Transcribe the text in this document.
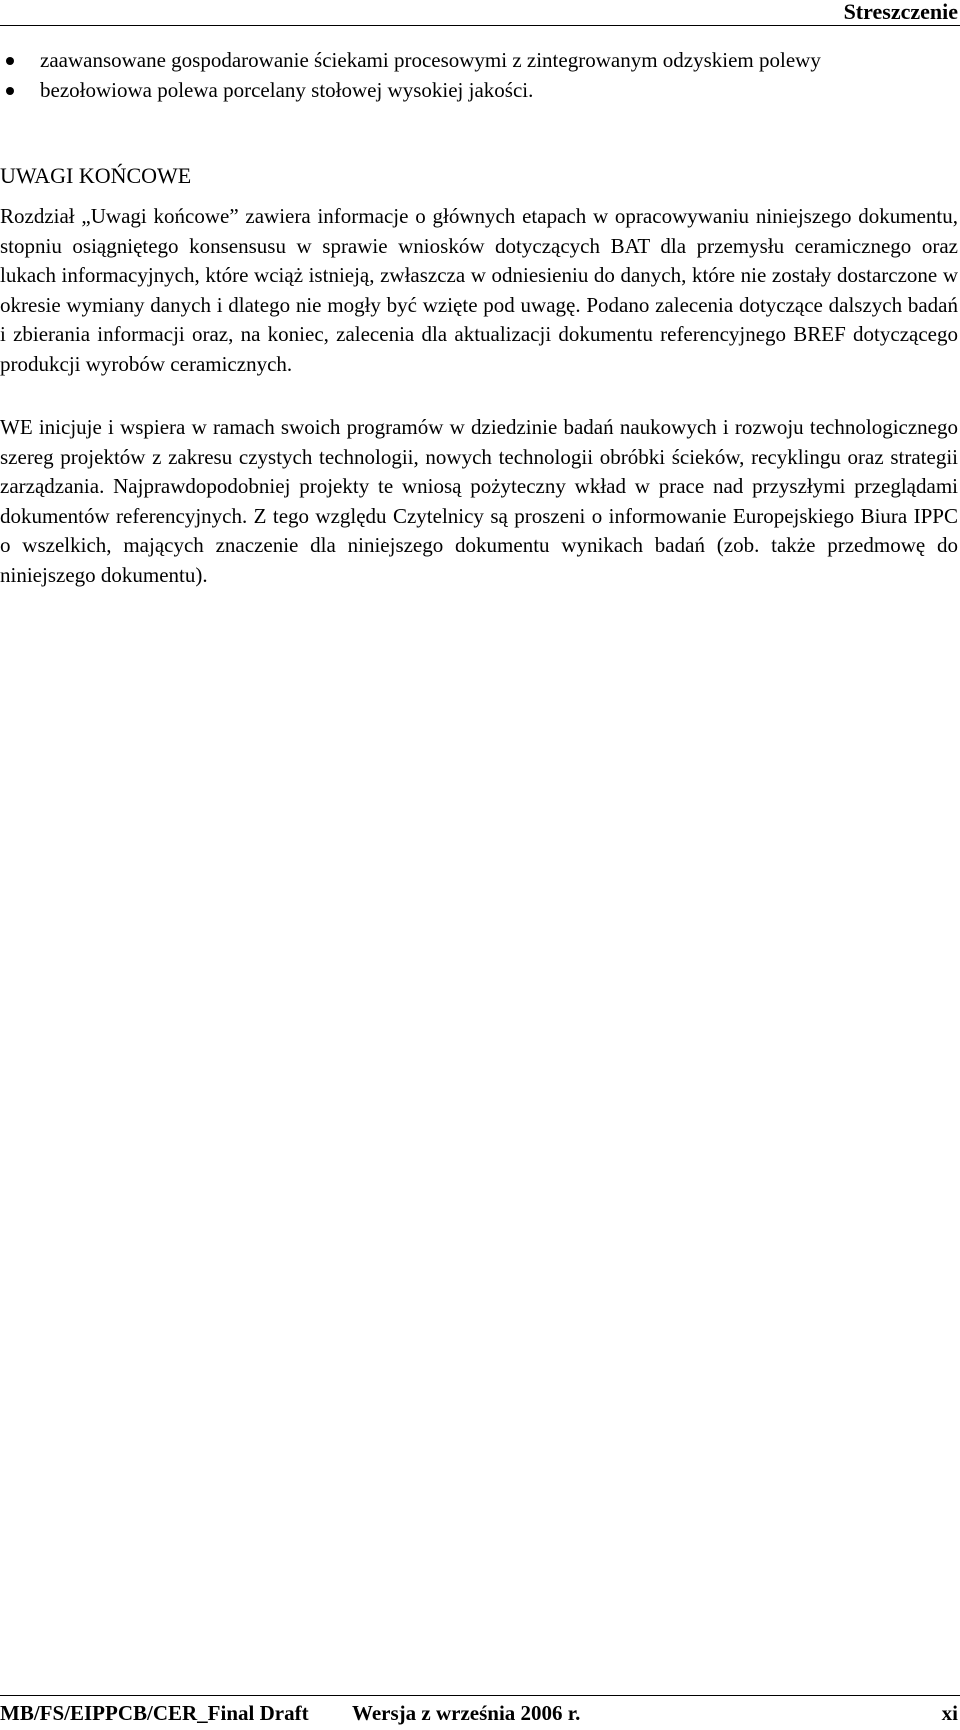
Streszczenie
zaawansowane gospodarowanie ściekami procesowymi z zintegrowanym odzyskiem polewy
bezołowiowa polewa porcelany stołowej wysokiej jakości.
UWAGI KOŃCOWE

Rozdział „Uwagi końcowe” zawiera informacje o głównych etapach w opracowywaniu niniejszego dokumentu, stopniu osiągniętego konsensusu w sprawie wniosków dotyczących BAT dla przemysłu ceramicznego oraz lukach informacyjnych, które wciąż istnieją, zwłaszcza w odniesieniu do danych, które nie zostały dostarczone w okresie wymiany danych i dlatego nie mogły być wzięte pod uwagę. Podano zalecenia dotyczące dalszych badań i zbierania informacji oraz, na koniec, zalecenia dla aktualizacji dokumentu referencyjnego BREF dotyczącego produkcji wyrobów ceramicznych.

WE inicjuje i wspiera w ramach swoich programów w dziedzinie badań naukowych i rozwoju technologicznego szereg projektów z zakresu czystych technologii, nowych technologii obróbki ścieków, recyklingu oraz strategii zarządzania. Najprawdopodobniej projekty te wniosą pożyteczny wkład w prace nad przyszłymi przeglądami dokumentów referencyjnych. Z tego względu Czytelnicy są proszeni o informowanie Europejskiego Biura IPPC o wszelkich, mających znaczenie dla niniejszego dokumentu wynikach badań (zob. także przedmowę do niniejszego dokumentu).

MB/FS/EIPPCB/CER_Final Draft Wersja z września 2006 r.	xi
